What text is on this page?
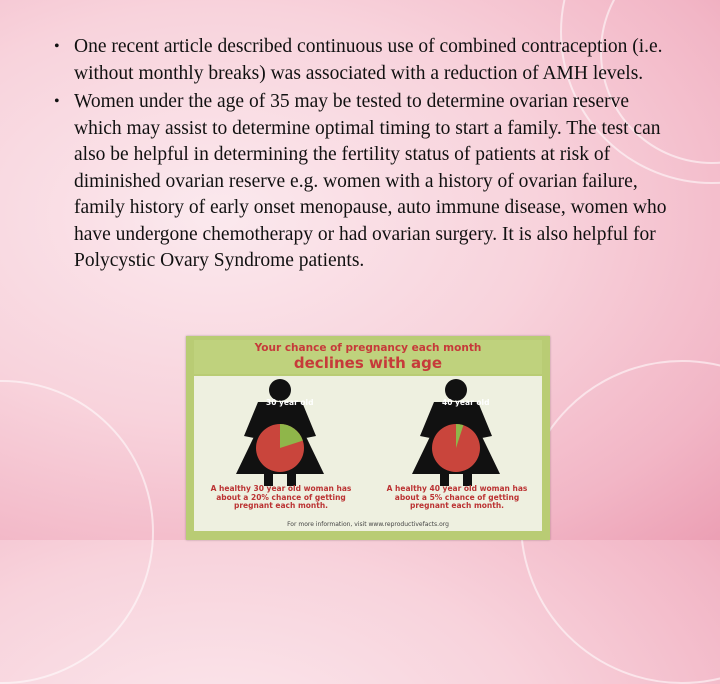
• One recent article described continuous use of combined contraception (i.e. without monthly breaks) was associated with a reduction of AMH levels.
• Women under the age of 35 may be tested to determine ovarian reserve which may assist to determine optimal timing to start a family. The test can also be helpful in determining the fertility status of patients at risk of diminished ovarian reserve e.g. women with a history of ovarian failure, family history of early onset menopause, auto immune disease, women who have undergone chemotherapy or had ovarian surgery. It is also helpful for Polycystic Ovary Syndrome patients.
Your chance of pregnancy each month
declines with age
30 year old	40 year old
A healthy 30 year old woman has about a 20% chance of getting pregnant each month.
A healthy 40 year old woman has about a 5% chance of getting pregnant each month.
For more information, visit www.reproductivefacts.org
